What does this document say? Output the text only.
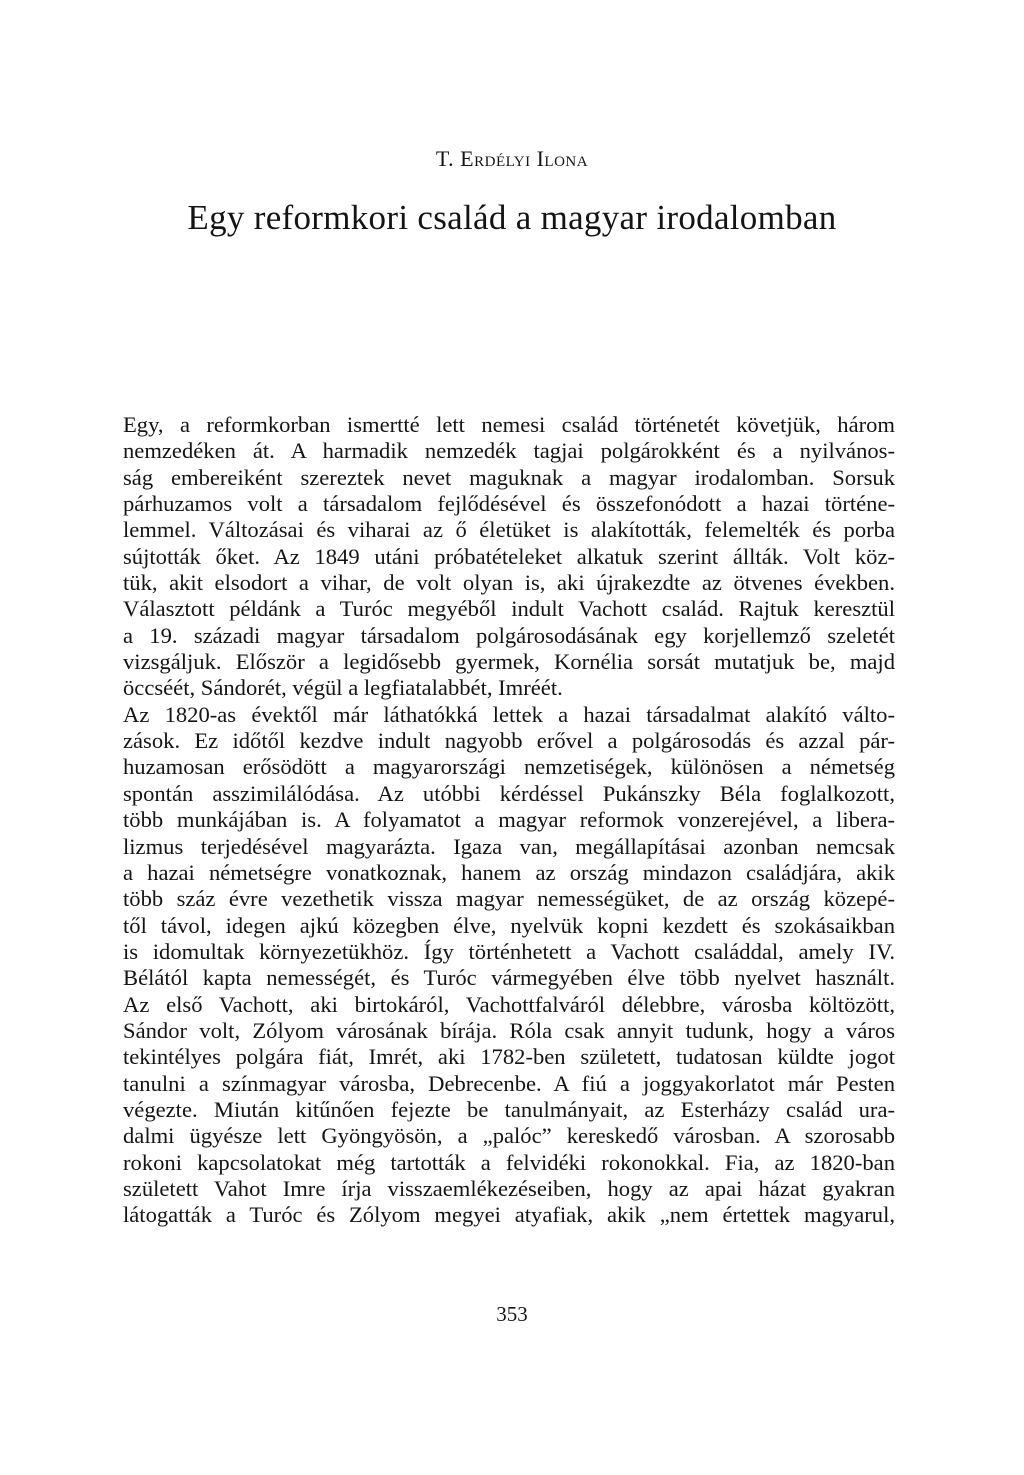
T. Erdélyi Ilona
Egy reformkori család a magyar irodalomban

Egy, a reformkorban ismertté lett nemesi család történetét követjük, három
nemzedéken át. A harmadik nemzedék tagjai polgárokként és a nyilvános-
ság embereiként szereztek nevet maguknak a magyar irodalomban. Sorsuk
párhuzamos volt a társadalom fejlődésével és összefonódott a hazai történe-
lemmel. Változásai és viharai az ő életüket is alakították, felemelték és porba
sújtották őket. Az 1849 utáni próbatételeket alkatuk szerint állták. Volt köz-
tük, akit elsodort a vihar, de volt olyan is, aki újrakezdte az ötvenes években.
Választott példánk a Turóc megyéből indult Vachott család. Rajtuk keresztül
a 19. századi magyar társadalom polgárosodásának egy korjellemző szeletét
vizsgáljuk. Először a legidősebb gyermek, Kornélia sorsát mutatjuk be, majd
öccséét, Sándorét, végül a legfiatalabbét, Imréét.

Az 1820-as évektől már láthatókká lettek a hazai társadalmat alakító válto-
zások. Ez időtől kezdve indult nagyobb erővel a polgárosodás és azzal pár-
huzamosan erősödött a magyarországi nemzetiségek, különösen a németség
spontán asszimilálódása. Az utóbbi kérdéssel Pukánszky Béla foglalkozott,
több munkájában is. A folyamatot a magyar reformok vonzerejével, a libera-
lizmus terjedésével magyarázta. Igaza van, megállapításai azonban nemcsak
a hazai németségre vonatkoznak, hanem az ország mindazon családjára, akik
több száz évre vezethetik vissza magyar nemességüket, de az ország közepé-
től távol, idegen ajkú közegben élve, nyelvük kopni kezdett és szokásaikban
is idomultak környezetükhöz. Így történhetett a Vachott családdal, amely IV.
Bélától kapta nemességét, és Turóc vármegyében élve több nyelvet használt.
Az első Vachott, aki birtokáról, Vachottfalváról délebbre, városba költözött,
Sándor volt, Zólyom városának bírája. Róla csak annyit tudunk, hogy a város
tekintélyes polgára fiát, Imrét, aki 1782-ben született, tudatosan küldte jogot
tanulni a színmagyar városba, Debrecenbe. A fiú a joggyakorlatot már Pesten
végezte. Miután kitűnően fejezte be tanulmányait, az Esterházy család ura-
dalmi ügyésze lett Gyöngyösön, a „palóc” kereskedő városban. A szorosabb
rokoni kapcsolatokat még tartották a felvidéki rokonokkal. Fia, az 1820-ban
született Vahot Imre írja visszaemlékezéseiben, hogy az apai házat gyakran
látogatták a Turóc és Zólyom megyei atyafiak, akik „nem értettek magyarul,

353
